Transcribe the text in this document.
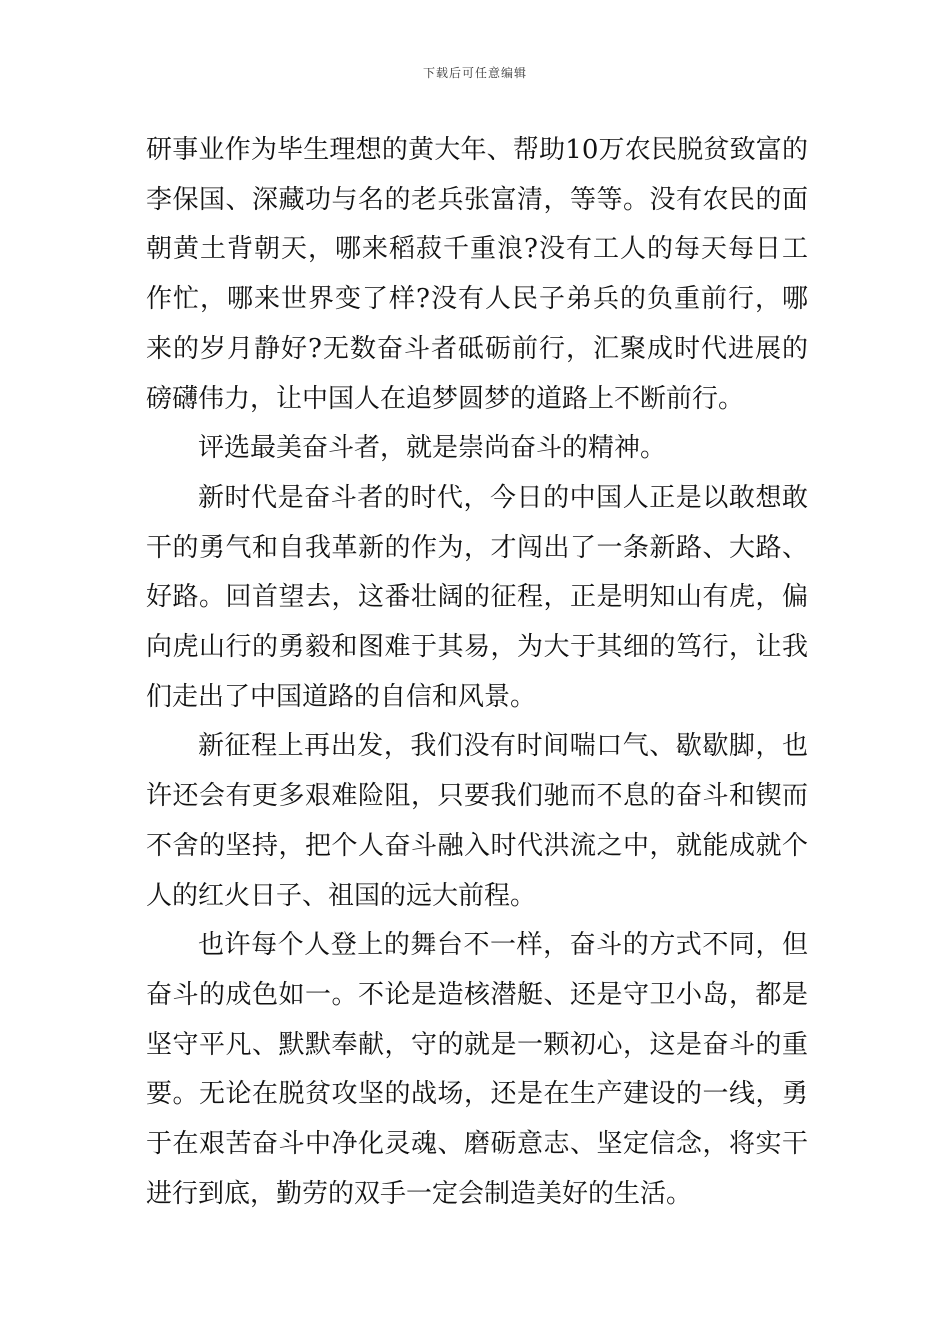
下载后可任意编辑

研事业作为毕生理想的黄大年、帮助10万农民脱贫致富的李保国、深藏功与名的老兵张富清，等等。没有农民的面朝黄土背朝天，哪来稻菽千重浪?没有工人的每天每日工作忙，哪来世界变了样?没有人民子弟兵的负重前行，哪来的岁月静好?无数奋斗者砥砺前行，汇聚成时代进展的磅礴伟力，让中国人在追梦圆梦的道路上不断前行。

评选最美奋斗者，就是崇尚奋斗的精神。

新时代是奋斗者的时代，今日的中国人正是以敢想敢干的勇气和自我革新的作为，才闯出了一条新路、大路、好路。回首望去，这番壮阔的征程，正是明知山有虎，偏向虎山行的勇毅和图难于其易，为大于其细的笃行，让我们走出了中国道路的自信和风景。

新征程上再出发，我们没有时间喘口气、歇歇脚，也许还会有更多艰难险阻，只要我们驰而不息的奋斗和锲而不舍的坚持，把个人奋斗融入时代洪流之中，就能成就个人的红火日子、祖国的远大前程。

也许每个人登上的舞台不一样，奋斗的方式不同，但奋斗的成色如一。不论是造核潜艇、还是守卫小岛，都是坚守平凡、默默奉献，守的就是一颗初心，这是奋斗的重要。无论在脱贫攻坚的战场，还是在生产建设的一线，勇于在艰苦奋斗中净化灵魂、磨砺意志、坚定信念，将实干进行到底，勤劳的双手一定会制造美好的生活。
